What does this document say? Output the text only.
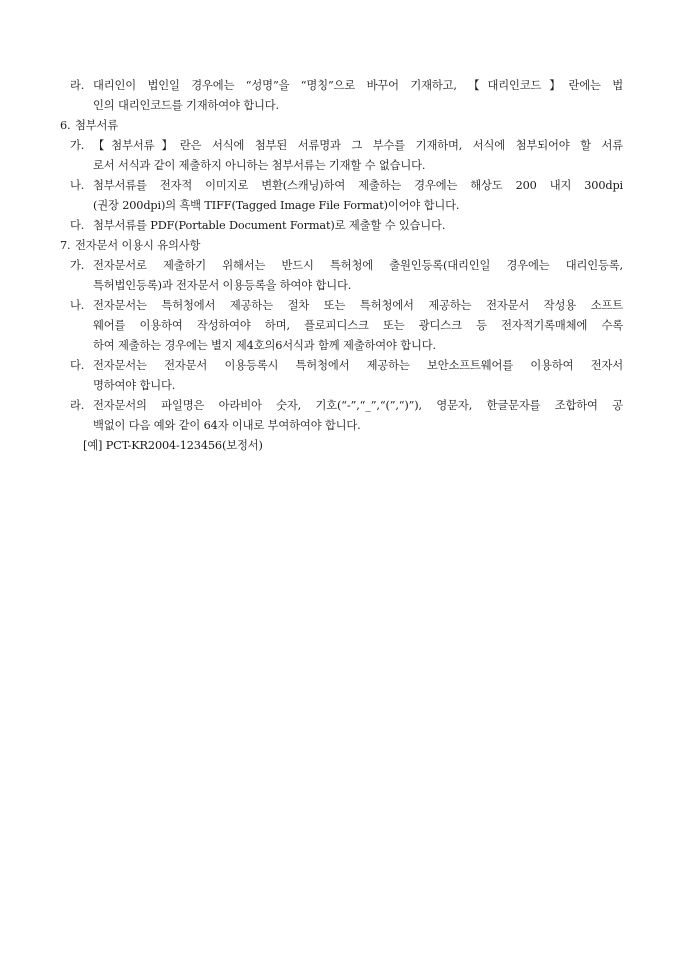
라. 대리인이 법인일 경우에는 “성명”을 “명칭”으로 바꾸어 기재하고, 【대리인코드】란에는 법
인의 대리인코드를 기재하여야 합니다.
6. 첨부서류
가. 【첨부서류】란은 서식에 첨부된 서류명과 그 부수를 기재하며, 서식에 첨부되어야 할 서류
로서 서식과 같이 제출하지 아니하는 첨부서류는 기재할 수 없습니다.
나. 첨부서류를 전자적 이미지로 변환(스캐닝)하여 제출하는 경우에는 해상도 200 내지 300dpi
(권장 200dpi)의 흑백 TIFF(Tagged Image File Format)이어야 합니다.
다. 첨부서류를 PDF(Portable Document Format)로 제출할 수 있습니다.
7. 전자문서 이용시 유의사항
가. 전자문서로 제출하기 위해서는 반드시 특허청에 출원인등록(대리인일 경우에는 대리인등록,
특허법인등록)과 전자문서 이용등록을 하여야 합니다.
나. 전자문서는 특허청에서 제공하는 절차 또는 특허청에서 제공하는 전자문서 작성용 소프트
웨어를 이용하여 작성하여야 하며, 플로피디스크 또는 광디스크 등 전자적기록매체에 수록
하여 제출하는 경우에는 별지 제4호의6서식과 함께 제출하여야 합니다.
다. 전자문서는 전자문서 이용등록시 특허청에서 제공하는 보안소프트웨어를 이용하여 전자서
명하여야 합니다.
라. 전자문서의 파일명은 아라비아 숫자, 기호(“-”,“_”,“(”,“)”), 영문자, 한글문자를 조합하여 공
백없이 다음 예와 같이 64자 이내로 부여하여야 합니다.
[예] PCT-KR2004-123456(보정서)
